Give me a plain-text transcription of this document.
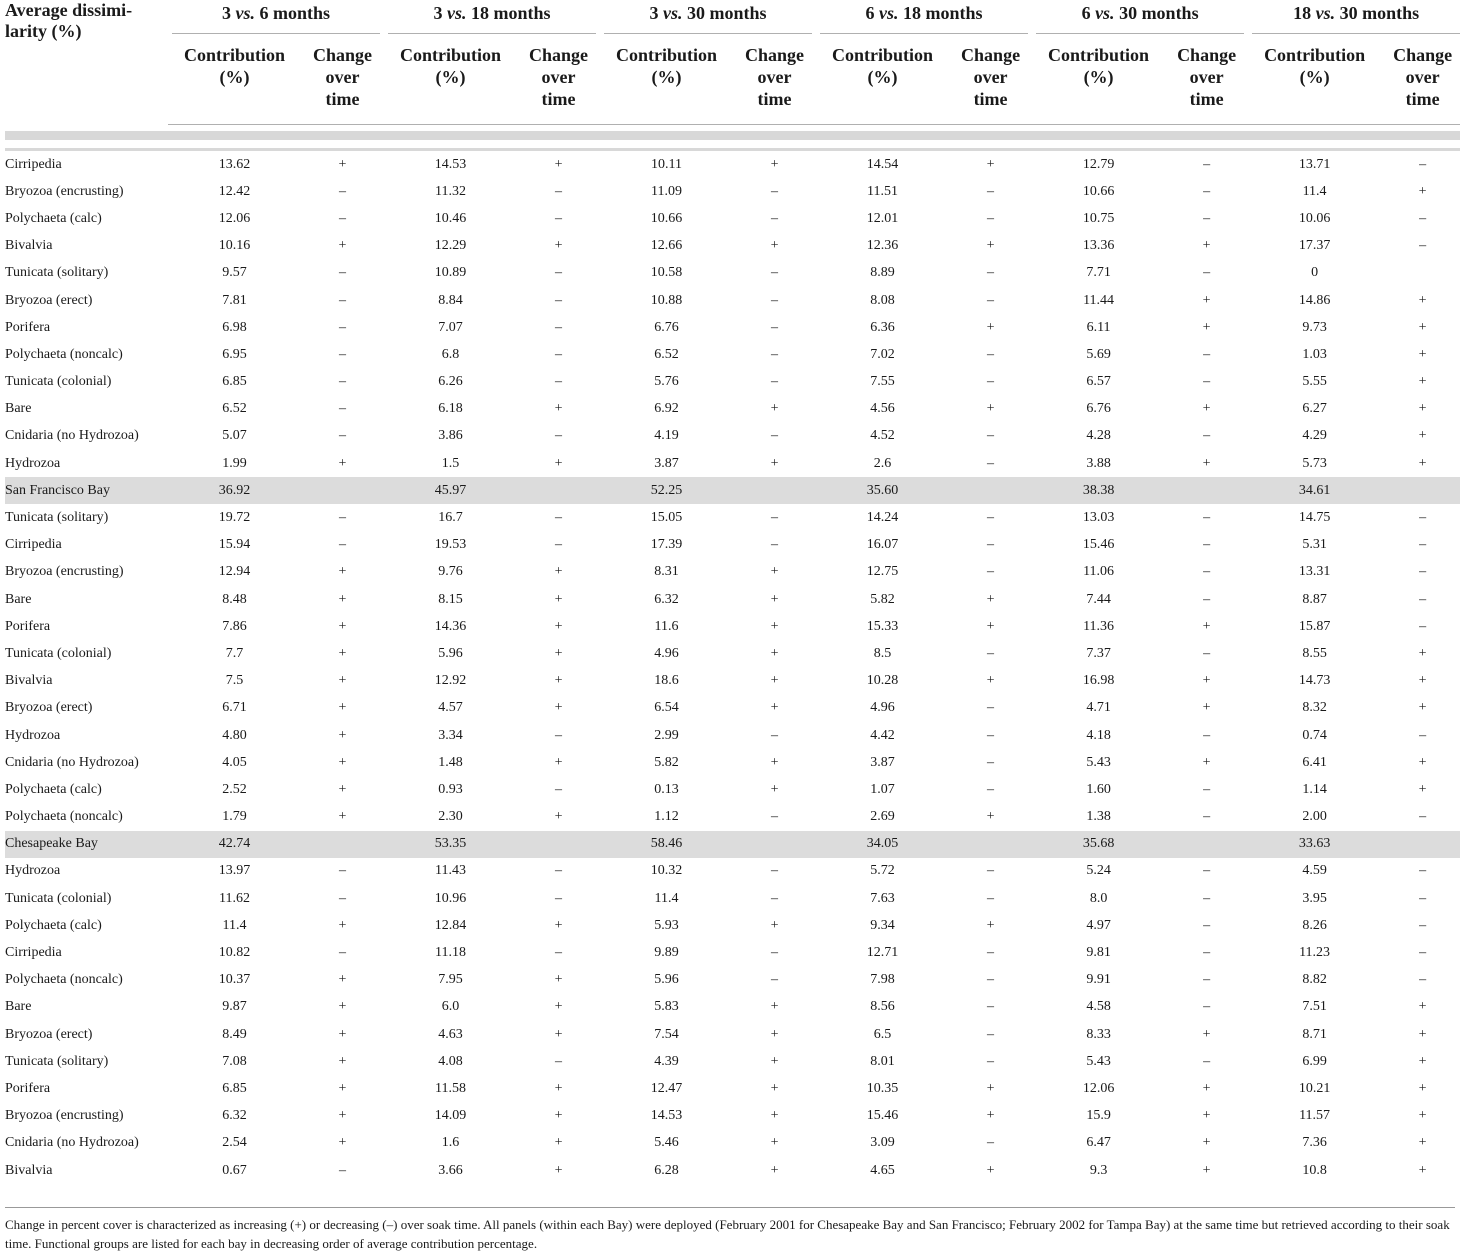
Average dissimi-
larity (%)	3 vs. 6 months		3 vs. 18 months		3 vs. 30 months		6 vs. 18 months		6 vs. 30 months		18 vs. 30 months	

	Contribution
(%)	Change
over
time	Contribution
(%)	Change
over
time	Contribution
(%)	Change
over
time	Contribution
(%)	Change
over
time	Contribution
(%)	Change
over
time	Contribution
(%)	Change
over
time

Cirripedia	13.62	+	14.53	+	10.11	+	14.54	+	12.79	–	13.71	–
Bryozoa (encrusting)	12.42	–	11.32	–	11.09	–	11.51	–	10.66	–	11.4	+
Polychaeta (calc)	12.06	–	10.46	–	10.66	–	12.01	–	10.75	–	10.06	–
Bivalvia	10.16	+	12.29	+	12.66	+	12.36	+	13.36	+	17.37	–
Tunicata (solitary)	9.57	–	10.89	–	10.58	–	8.89	–	7.71	–	0	
Bryozoa (erect)	7.81	–	8.84	–	10.88	–	8.08	–	11.44	+	14.86	+
Porifera	6.98	–	7.07	–	6.76	–	6.36	+	6.11	+	9.73	+
Polychaeta (noncalc)	6.95	–	6.8	–	6.52	–	7.02	–	5.69	–	1.03	+
Tunicata (colonial)	6.85	–	6.26	–	5.76	–	7.55	–	6.57	–	5.55	+
Bare	6.52	–	6.18	+	6.92	+	4.56	+	6.76	+	6.27	+
Cnidaria (no Hydrozoa)	5.07	–	3.86	–	4.19	–	4.52	–	4.28	–	4.29	+
Hydrozoa	1.99	+	1.5	+	3.87	+	2.6	–	3.88	+	5.73	+
San Francisco Bay	36.92		45.97		52.25		35.60		38.38		34.61	
Tunicata (solitary)	19.72	–	16.7	–	15.05	–	14.24	–	13.03	–	14.75	–
Cirripedia	15.94	–	19.53	–	17.39	–	16.07	–	15.46	–	5.31	–
Bryozoa (encrusting)	12.94	+	9.76	+	8.31	+	12.75	–	11.06	–	13.31	–
Bare	8.48	+	8.15	+	6.32	+	5.82	+	7.44	–	8.87	–
Porifera	7.86	+	14.36	+	11.6	+	15.33	+	11.36	+	15.87	–
Tunicata (colonial)	7.7	+	5.96	+	4.96	+	8.5	–	7.37	–	8.55	+
Bivalvia	7.5	+	12.92	+	18.6	+	10.28	+	16.98	+	14.73	+
Bryozoa (erect)	6.71	+	4.57	+	6.54	+	4.96	–	4.71	+	8.32	+
Hydrozoa	4.80	+	3.34	–	2.99	–	4.42	–	4.18	–	0.74	–
Cnidaria (no Hydrozoa)	4.05	+	1.48	+	5.82	+	3.87	–	5.43	+	6.41	+
Polychaeta (calc)	2.52	+	0.93	–	0.13	+	1.07	–	1.60	–	1.14	+
Polychaeta (noncalc)	1.79	+	2.30	+	1.12	–	2.69	+	1.38	–	2.00	–
Chesapeake Bay	42.74		53.35		58.46		34.05		35.68		33.63	
Hydrozoa	13.97	–	11.43	–	10.32	–	5.72	–	5.24	–	4.59	–
Tunicata (colonial)	11.62	–	10.96	–	11.4	–	7.63	–	8.0	–	3.95	–
Polychaeta (calc)	11.4	+	12.84	+	5.93	+	9.34	+	4.97	–	8.26	–
Cirripedia	10.82	–	11.18	–	9.89	–	12.71	–	9.81	–	11.23	–
Polychaeta (noncalc)	10.37	+	7.95	+	5.96	–	7.98	–	9.91	–	8.82	–
Bare	9.87	+	6.0	+	5.83	+	8.56	–	4.58	–	7.51	+
Bryozoa (erect)	8.49	+	4.63	+	7.54	+	6.5	–	8.33	+	8.71	+
Tunicata (solitary)	7.08	+	4.08	–	4.39	+	8.01	–	5.43	–	6.99	+
Porifera	6.85	+	11.58	+	12.47	+	10.35	+	12.06	+	10.21	+
Bryozoa (encrusting)	6.32	+	14.09	+	14.53	+	15.46	+	15.9	+	11.57	+
Cnidaria (no Hydrozoa)	2.54	+	1.6	+	5.46	+	3.09	–	6.47	+	7.36	+
Bivalvia	0.67	–	3.66	+	6.28	+	4.65	+	9.3	+	10.8	+
Change in percent cover is characterized as increasing (+) or decreasing (–) over soak time. All panels (within each Bay) were deployed (February 2001 for Chesapeake Bay and San Francisco; February 2002 for Tampa Bay) at the same time but retrieved according to their soak time. Functional groups are listed for each bay in decreasing order of average contribution percentage.
